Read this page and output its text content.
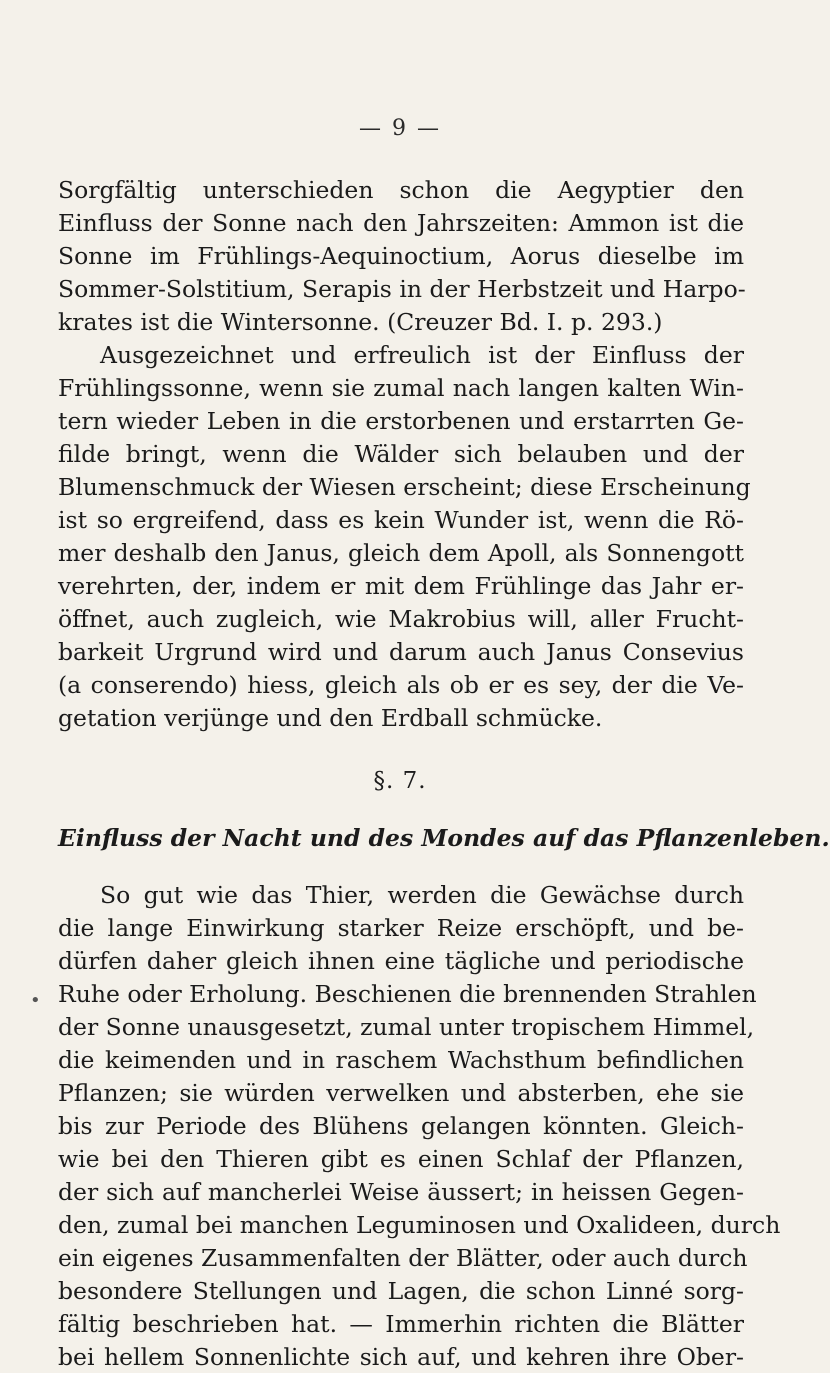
— 9 —
Sorgfältig unterschieden schon die Aegyptier den
Einfluss der Sonne nach den Jahrszeiten: Ammon ist die
Sonne im Frühlings-Aequinoctium, Aorus dieselbe im
Sommer-Solstitium, Serapis in der Herbstzeit und Harpo-
krates ist die Wintersonne. (Creuzer Bd. I. p. 293.)
Ausgezeichnet und erfreulich ist der Einfluss der
Frühlingssonne, wenn sie zumal nach langen kalten Win-
tern wieder Leben in die erstorbenen und erstarrten Ge-
filde bringt, wenn die Wälder sich belauben und der
Blumenschmuck der Wiesen erscheint; diese Erscheinung
ist so ergreifend, dass es kein Wunder ist, wenn die Rö-
mer deshalb den Janus, gleich dem Apoll, als Sonnengott
verehrten, der, indem er mit dem Frühlinge das Jahr er-
öffnet, auch zugleich, wie Makrobius will, aller Frucht-
barkeit Urgrund wird und darum auch Janus Consevius
(a conserendo) hiess, gleich als ob er es sey, der die Ve-
getation verjünge und den Erdball schmücke.
§. 7.
Einfluss der Nacht und des Mondes auf das Pflanzenleben.
So gut wie das Thier, werden die Gewächse durch
die lange Einwirkung starker Reize erschöpft, und be-
dürfen daher gleich ihnen eine tägliche und periodische
Ruhe oder Erholung. Beschienen die brennenden Strahlen
der Sonne unausgesetzt, zumal unter tropischem Himmel,
die keimenden und in raschem Wachsthum befindlichen
Pflanzen; sie würden verwelken und absterben, ehe sie
bis zur Periode des Blühens gelangen könnten. Gleich-
wie bei den Thieren gibt es einen Schlaf der Pflanzen,
der sich auf mancherlei Weise äussert; in heissen Gegen-
den, zumal bei manchen Leguminosen und Oxalideen, durch
ein eigenes Zusammenfalten der Blätter, oder auch durch
besondere Stellungen und Lagen, die schon Linné sorg-
fältig beschrieben hat. — Immerhin richten die Blätter
bei hellem Sonnenlichte sich auf, und kehren ihre Ober-
•
